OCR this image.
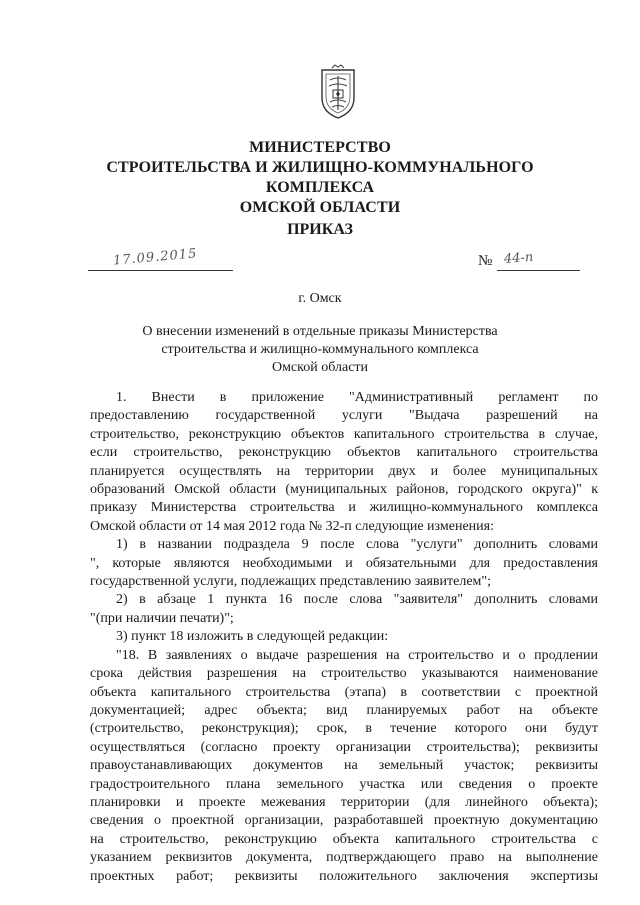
МИНИСТЕРСТВО
СТРОИТЕЛЬСТВА И ЖИЛИЩНО-КОММУНАЛЬНОГО КОМПЛЕКСА
ОМСКОЙ ОБЛАСТИ
ПРИКАЗ
17.09.2015	№ 44-п
г. Омск
О внесении изменений в отдельные приказы Министерства
строительства и жилищно-коммунального комплекса
Омской области

1. Внести в приложение "Административный регламент по

предоставлению государственной услуги "Выдача разрешений на

строительство, реконструкцию объектов капитального строительства в случае,

если строительство, реконструкцию объектов капитального строительства

планируется осуществлять на территории двух и более муниципальных

образований Омской области (муниципальных районов, городского округа)" к

приказу Министерства строительства и жилищно-коммунального комплекса

Омской области от 14 мая 2012 года № 32-п следующие изменения:

1) в названии подраздела 9 после слова "услуги" дополнить словами

", которые являются необходимыми и обязательными для предоставления

государственной услуги, подлежащих представлению заявителем";

2) в абзаце 1 пункта 16 после слова "заявителя" дополнить словами

"(при наличии печати)";

3) пункт 18 изложить в следующей редакции:

"18. В заявлениях о выдаче разрешения на строительство и о продлении

срока действия разрешения на строительство указываются наименование

объекта капитального строительства (этапа) в соответствии с проектной

документацией; адрес объекта; вид планируемых работ на объекте

(строительство, реконструкция); срок, в течение которого они будут

осуществляться (согласно проекту организации строительства); реквизиты

правоустанавливающих документов на земельный участок; реквизиты

градостроительного плана земельного участка или сведения о проекте

планировки и проекте межевания территории (для линейного объекта);

сведения о проектной организации, разработавшей проектную документацию

на строительство, реконструкцию объекта капитального строительства с

указанием реквизитов документа, подтверждающего право на выполнение

проектных работ; реквизиты положительного заключения экспертизы
